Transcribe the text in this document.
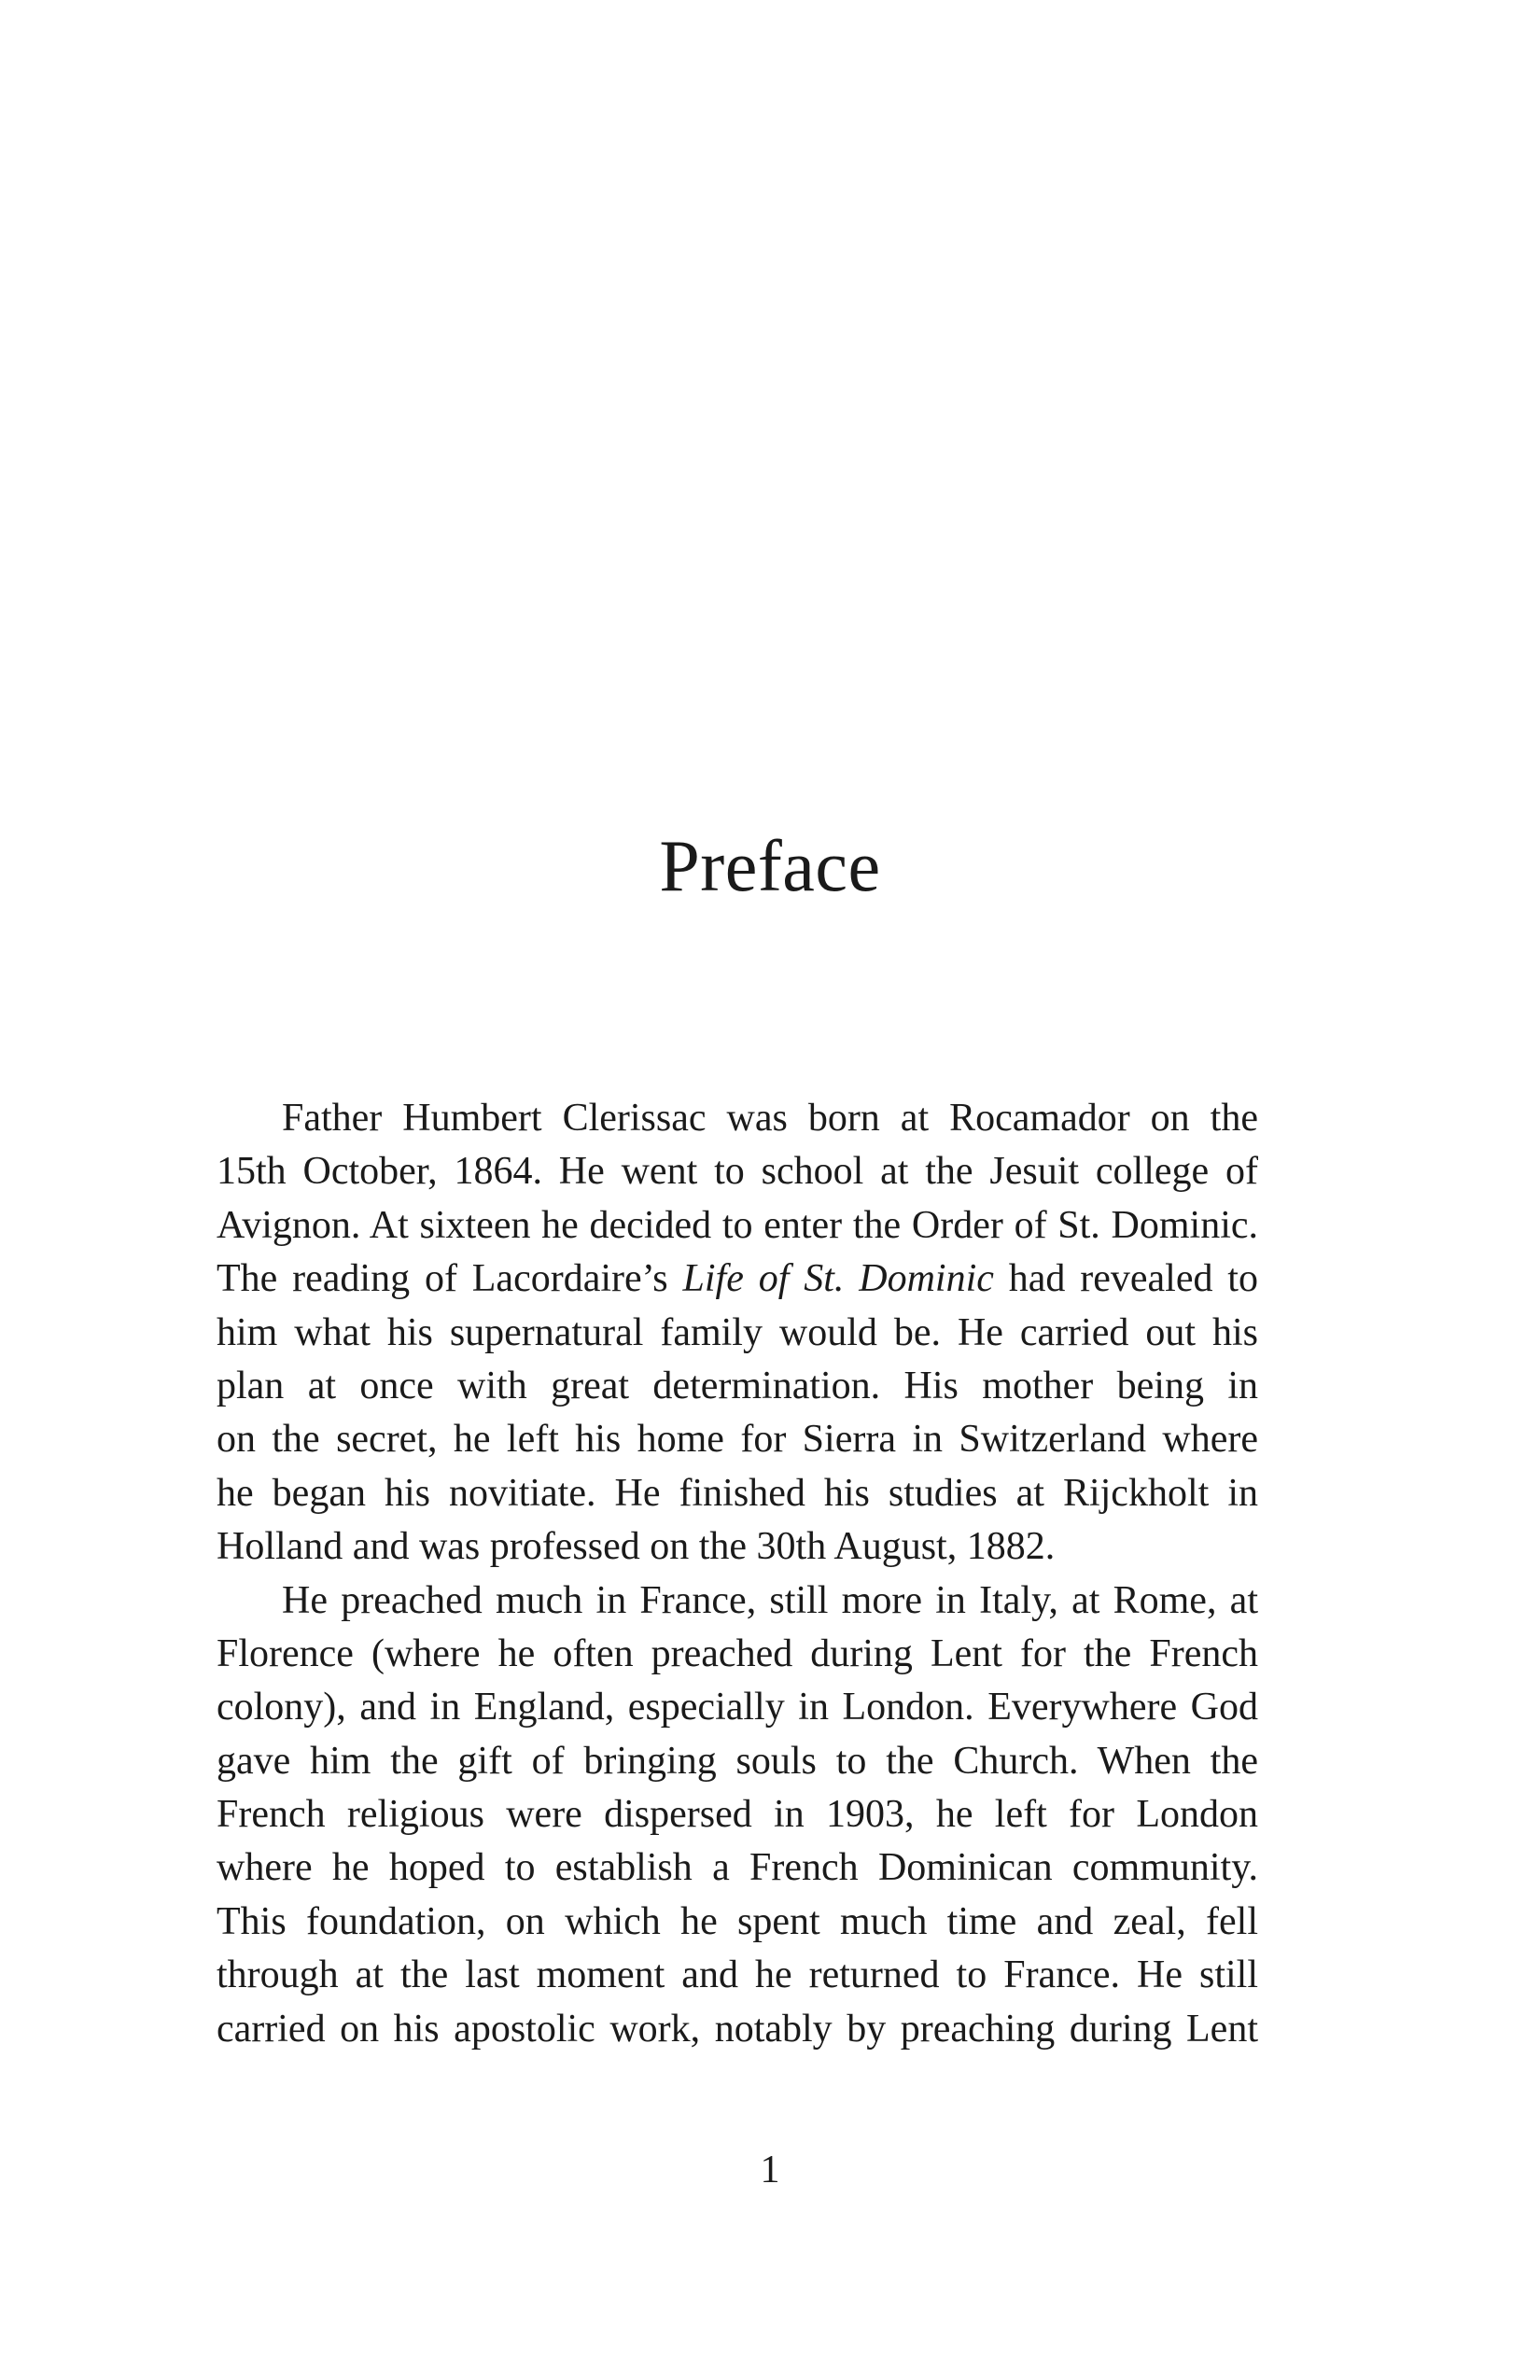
Preface
Father Humbert Clerissac was born at Rocamador on the
15th October, 1864. He went to school at the Jesuit college of
Avignon. At sixteen he decided to enter the Order of St. Dominic.
The reading of Lacordaire’s Life of St. Dominic had revealed to
him what his supernatural family would be. He carried out his
plan at once with great determination. His mother being in
on the secret, he left his home for Sierra in Switzerland where
he began his novitiate. He finished his studies at Rijckholt in
Holland and was professed on the 30th August, 1882.
He preached much in France, still more in Italy, at Rome, at
Florence (where he often preached during Lent for the French
colony), and in England, especially in London. Everywhere God
gave him the gift of bringing souls to the Church. When the
French religious were dispersed in 1903, he left for London
where he hoped to establish a French Dominican community.
This foundation, on which he spent much time and zeal, fell
through at the last moment and he returned to France. He still
carried on his apostolic work, notably by preaching during Lent
1
